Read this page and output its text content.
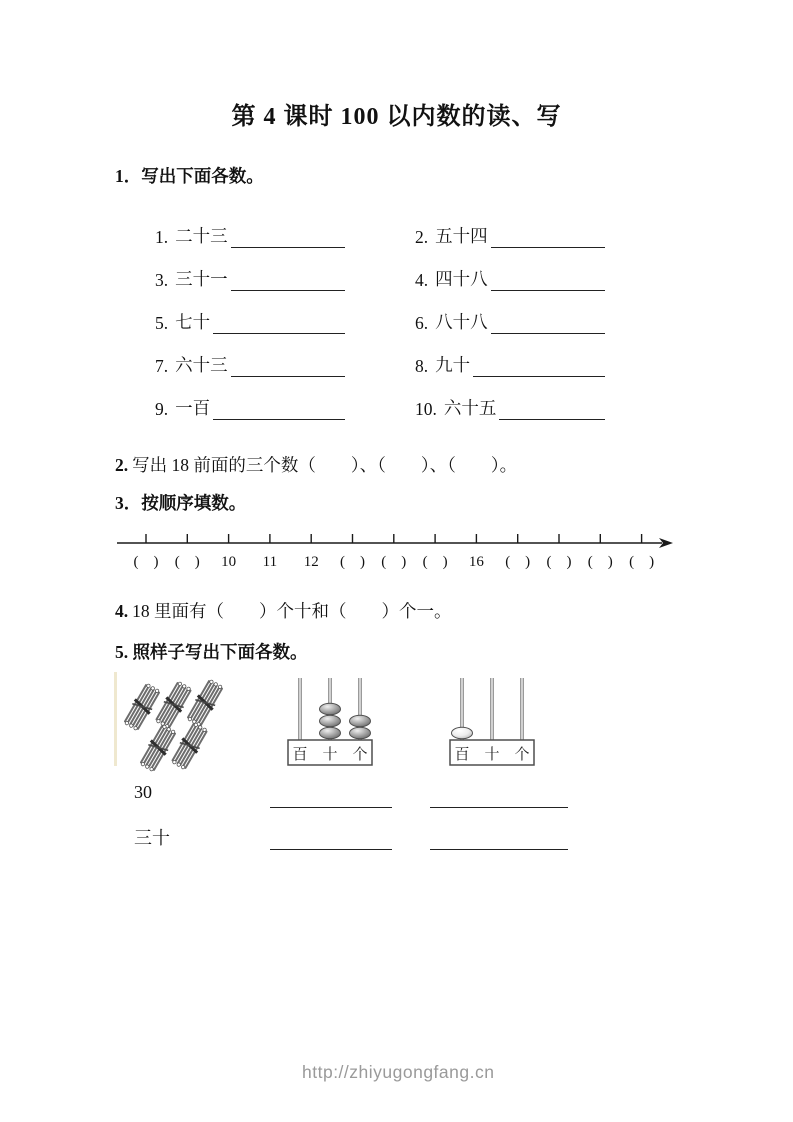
第 4 课时 100 以内数的读、写
1．写出下面各数。
1. 二十三	2. 五十四
3. 三十一	4. 四十八
5. 七十	6. 八十八
7. 六十三	8. 九十
9. 一百	10. 六十五
2. 写出 18 前面的三个数（　　）、（　　）、（　　）。
3．按顺序填数。
(　) (　) 10 11 12 (　) (　) (　) 16 (　) (　) (　) (　)
4. 18 里面有（　　）个十和（　　）个一。
5. 照样子写出下面各数。
百 十 个	百 十 个
30
三十
http://zhiyugongfang.cn
